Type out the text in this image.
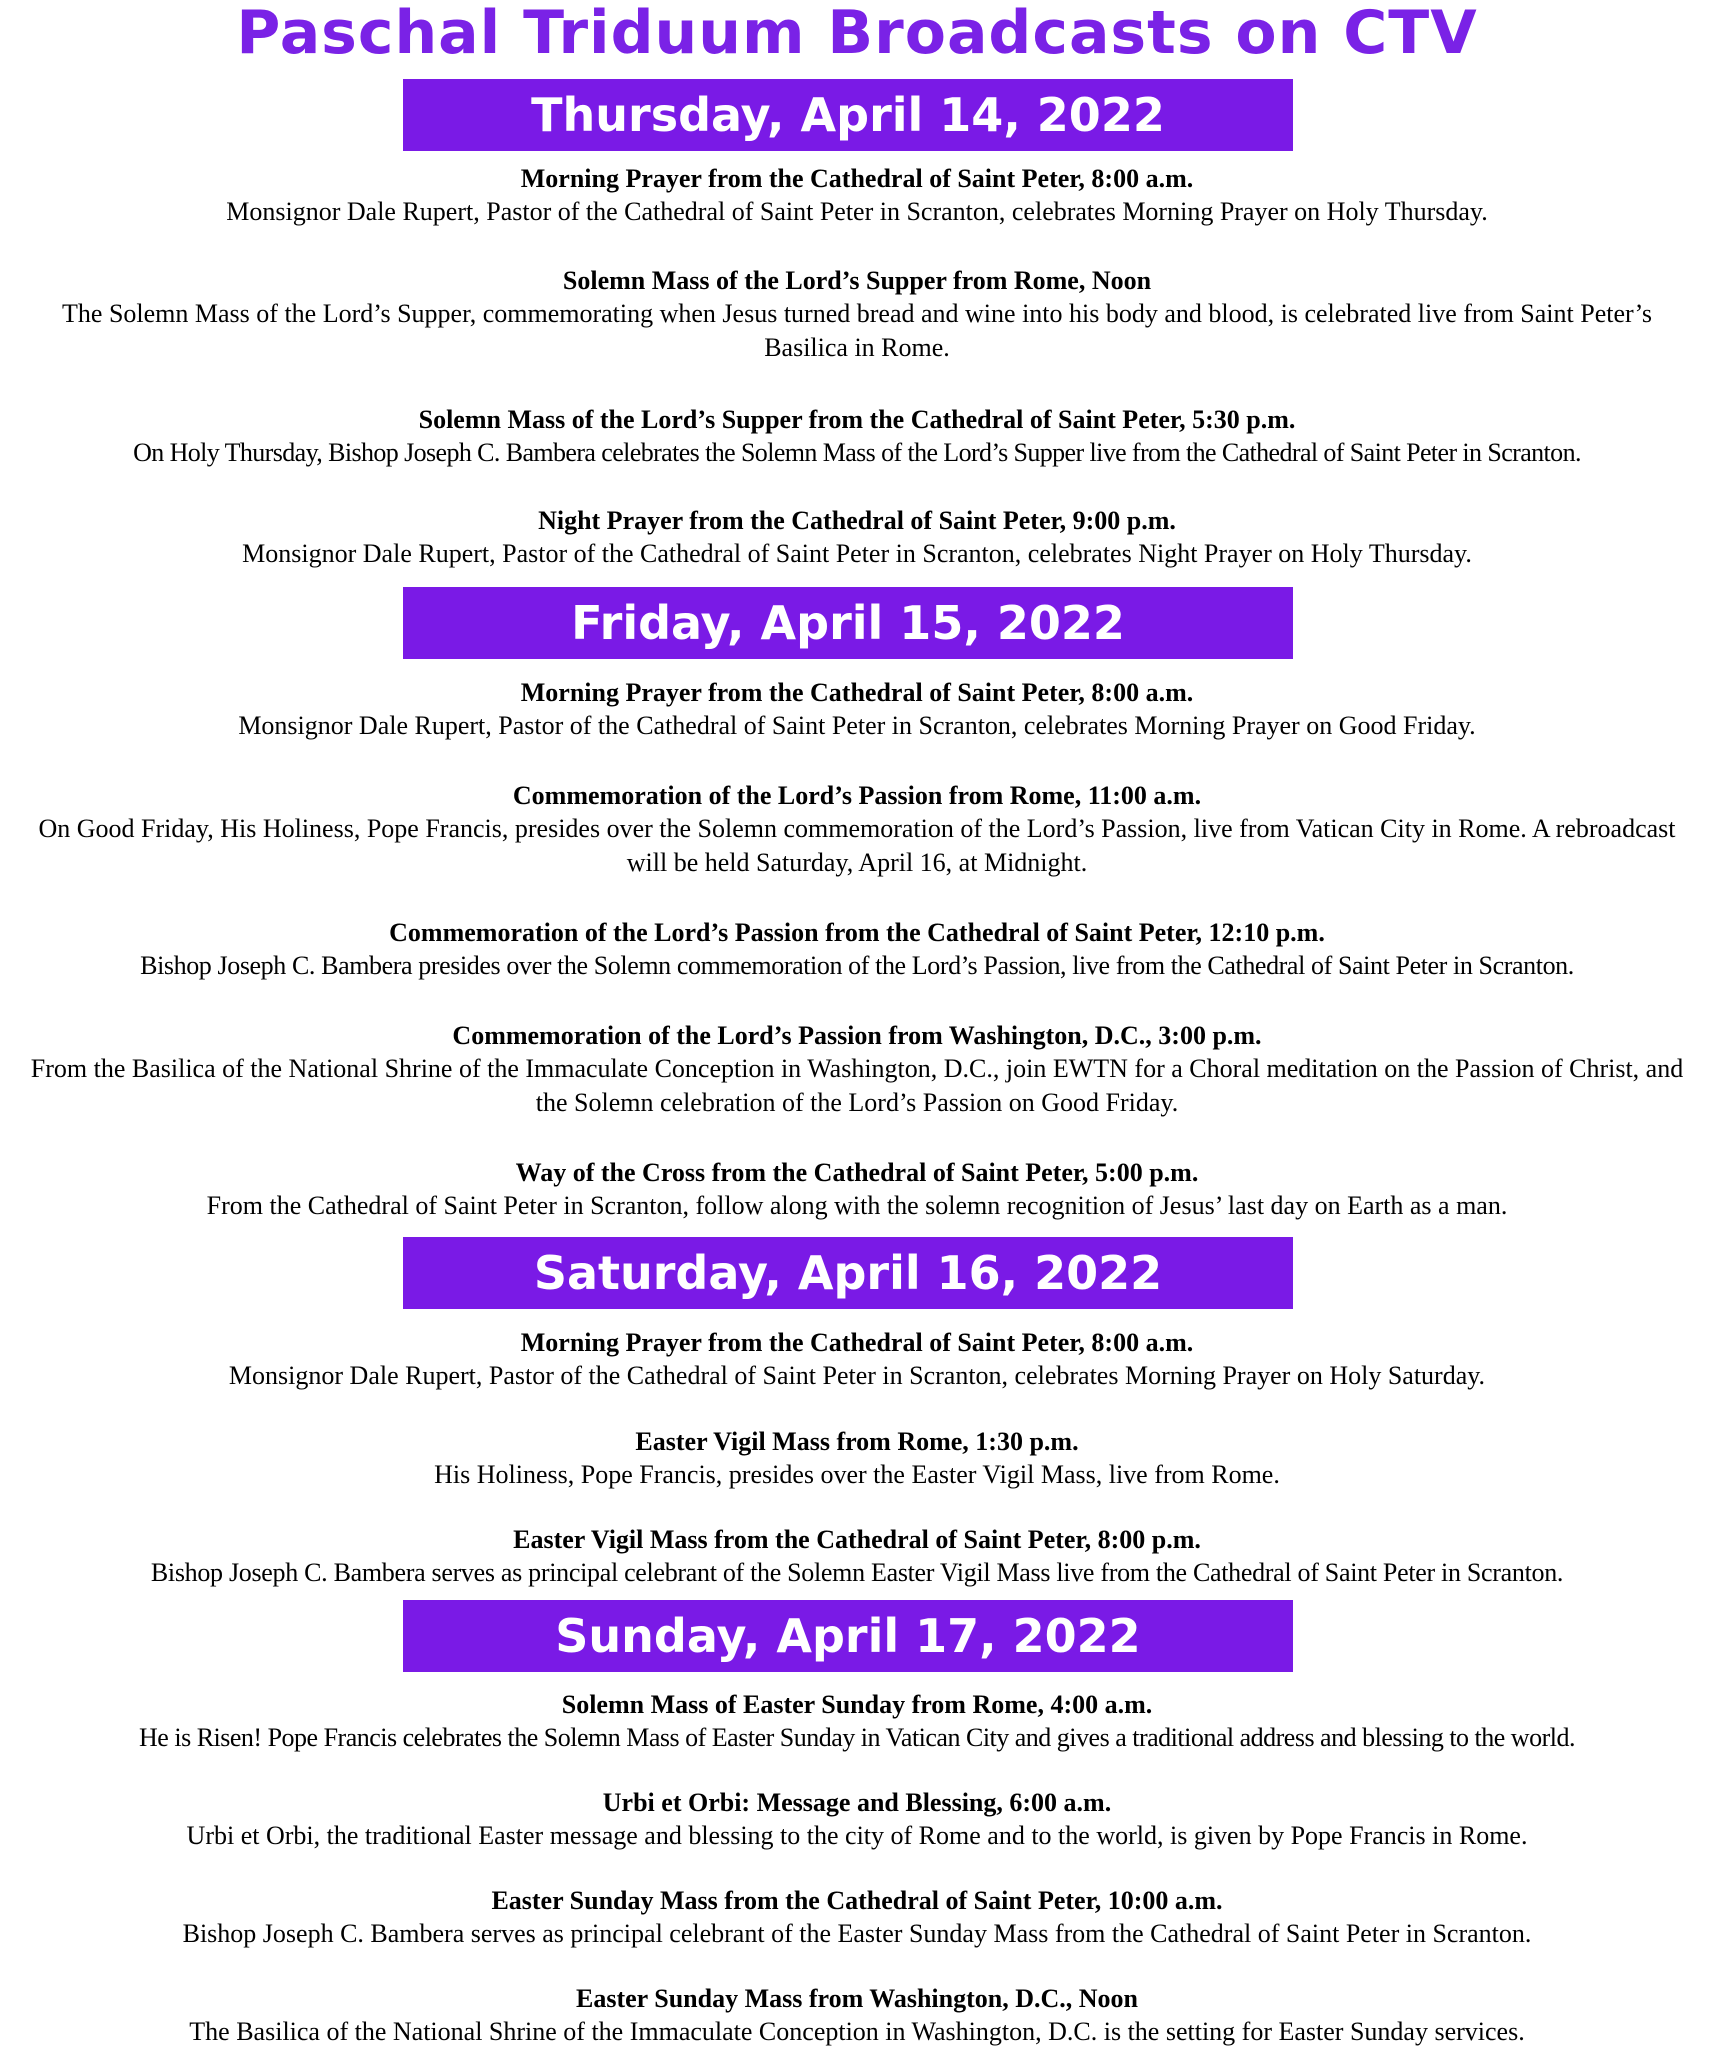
Paschal Triduum Broadcasts on CTV
Thursday, April 14, 2022
Morning Prayer from the Cathedral of Saint Peter, 8:00 a.m.
Monsignor Dale Rupert, Pastor of the Cathedral of Saint Peter in Scranton, celebrates Morning Prayer on Holy Thursday.
Solemn Mass of the Lord’s Supper from Rome, Noon
The Solemn Mass of the Lord’s Supper, commemorating when Jesus turned bread and wine into his body and blood, is celebrated live from Saint Peter’s Basilica in Rome.
Solemn Mass of the Lord’s Supper from the Cathedral of Saint Peter, 5:30 p.m.
On Holy Thursday, Bishop Joseph C. Bambera celebrates the Solemn Mass of the Lord’s Supper live from the Cathedral of Saint Peter in Scranton.
Night Prayer from the Cathedral of Saint Peter, 9:00 p.m.
Monsignor Dale Rupert, Pastor of the Cathedral of Saint Peter in Scranton, celebrates Night Prayer on Holy Thursday.
Friday, April 15, 2022
Morning Prayer from the Cathedral of Saint Peter, 8:00 a.m.
Monsignor Dale Rupert, Pastor of the Cathedral of Saint Peter in Scranton, celebrates Morning Prayer on Good Friday.
Commemoration of the Lord’s Passion from Rome, 11:00 a.m.
On Good Friday, His Holiness, Pope Francis, presides over the Solemn commemoration of the Lord’s Passion, live from Vatican City in Rome. A rebroadcast will be held Saturday, April 16, at Midnight.
Commemoration of the Lord’s Passion from the Cathedral of Saint Peter, 12:10 p.m.
Bishop Joseph C. Bambera presides over the Solemn commemoration of the Lord’s Passion, live from the Cathedral of Saint Peter in Scranton.
Commemoration of the Lord’s Passion from Washington, D.C., 3:00 p.m.
From the Basilica of the National Shrine of the Immaculate Conception in Washington, D.C., join EWTN for a Choral meditation on the Passion of Christ, and the Solemn celebration of the Lord’s Passion on Good Friday.
Way of the Cross from the Cathedral of Saint Peter, 5:00 p.m.
From the Cathedral of Saint Peter in Scranton, follow along with the solemn recognition of Jesus’ last day on Earth as a man.
Saturday, April 16, 2022
Morning Prayer from the Cathedral of Saint Peter, 8:00 a.m.
Monsignor Dale Rupert, Pastor of the Cathedral of Saint Peter in Scranton, celebrates Morning Prayer on Holy Saturday.
Easter Vigil Mass from Rome, 1:30 p.m.
His Holiness, Pope Francis, presides over the Easter Vigil Mass, live from Rome.
Easter Vigil Mass from the Cathedral of Saint Peter, 8:00 p.m.
Bishop Joseph C. Bambera serves as principal celebrant of the Solemn Easter Vigil Mass live from the Cathedral of Saint Peter in Scranton.
Sunday, April 17, 2022
Solemn Mass of Easter Sunday from Rome, 4:00 a.m.
He is Risen! Pope Francis celebrates the Solemn Mass of Easter Sunday in Vatican City and gives a traditional address and blessing to the world.
Urbi et Orbi: Message and Blessing, 6:00 a.m.
Urbi et Orbi, the traditional Easter message and blessing to the city of Rome and to the world, is given by Pope Francis in Rome.
Easter Sunday Mass from the Cathedral of Saint Peter, 10:00 a.m.
Bishop Joseph C. Bambera serves as principal celebrant of the Easter Sunday Mass from the Cathedral of Saint Peter in Scranton.
Easter Sunday Mass from Washington, D.C., Noon
The Basilica of the National Shrine of the Immaculate Conception in Washington, D.C. is the setting for Easter Sunday services.
